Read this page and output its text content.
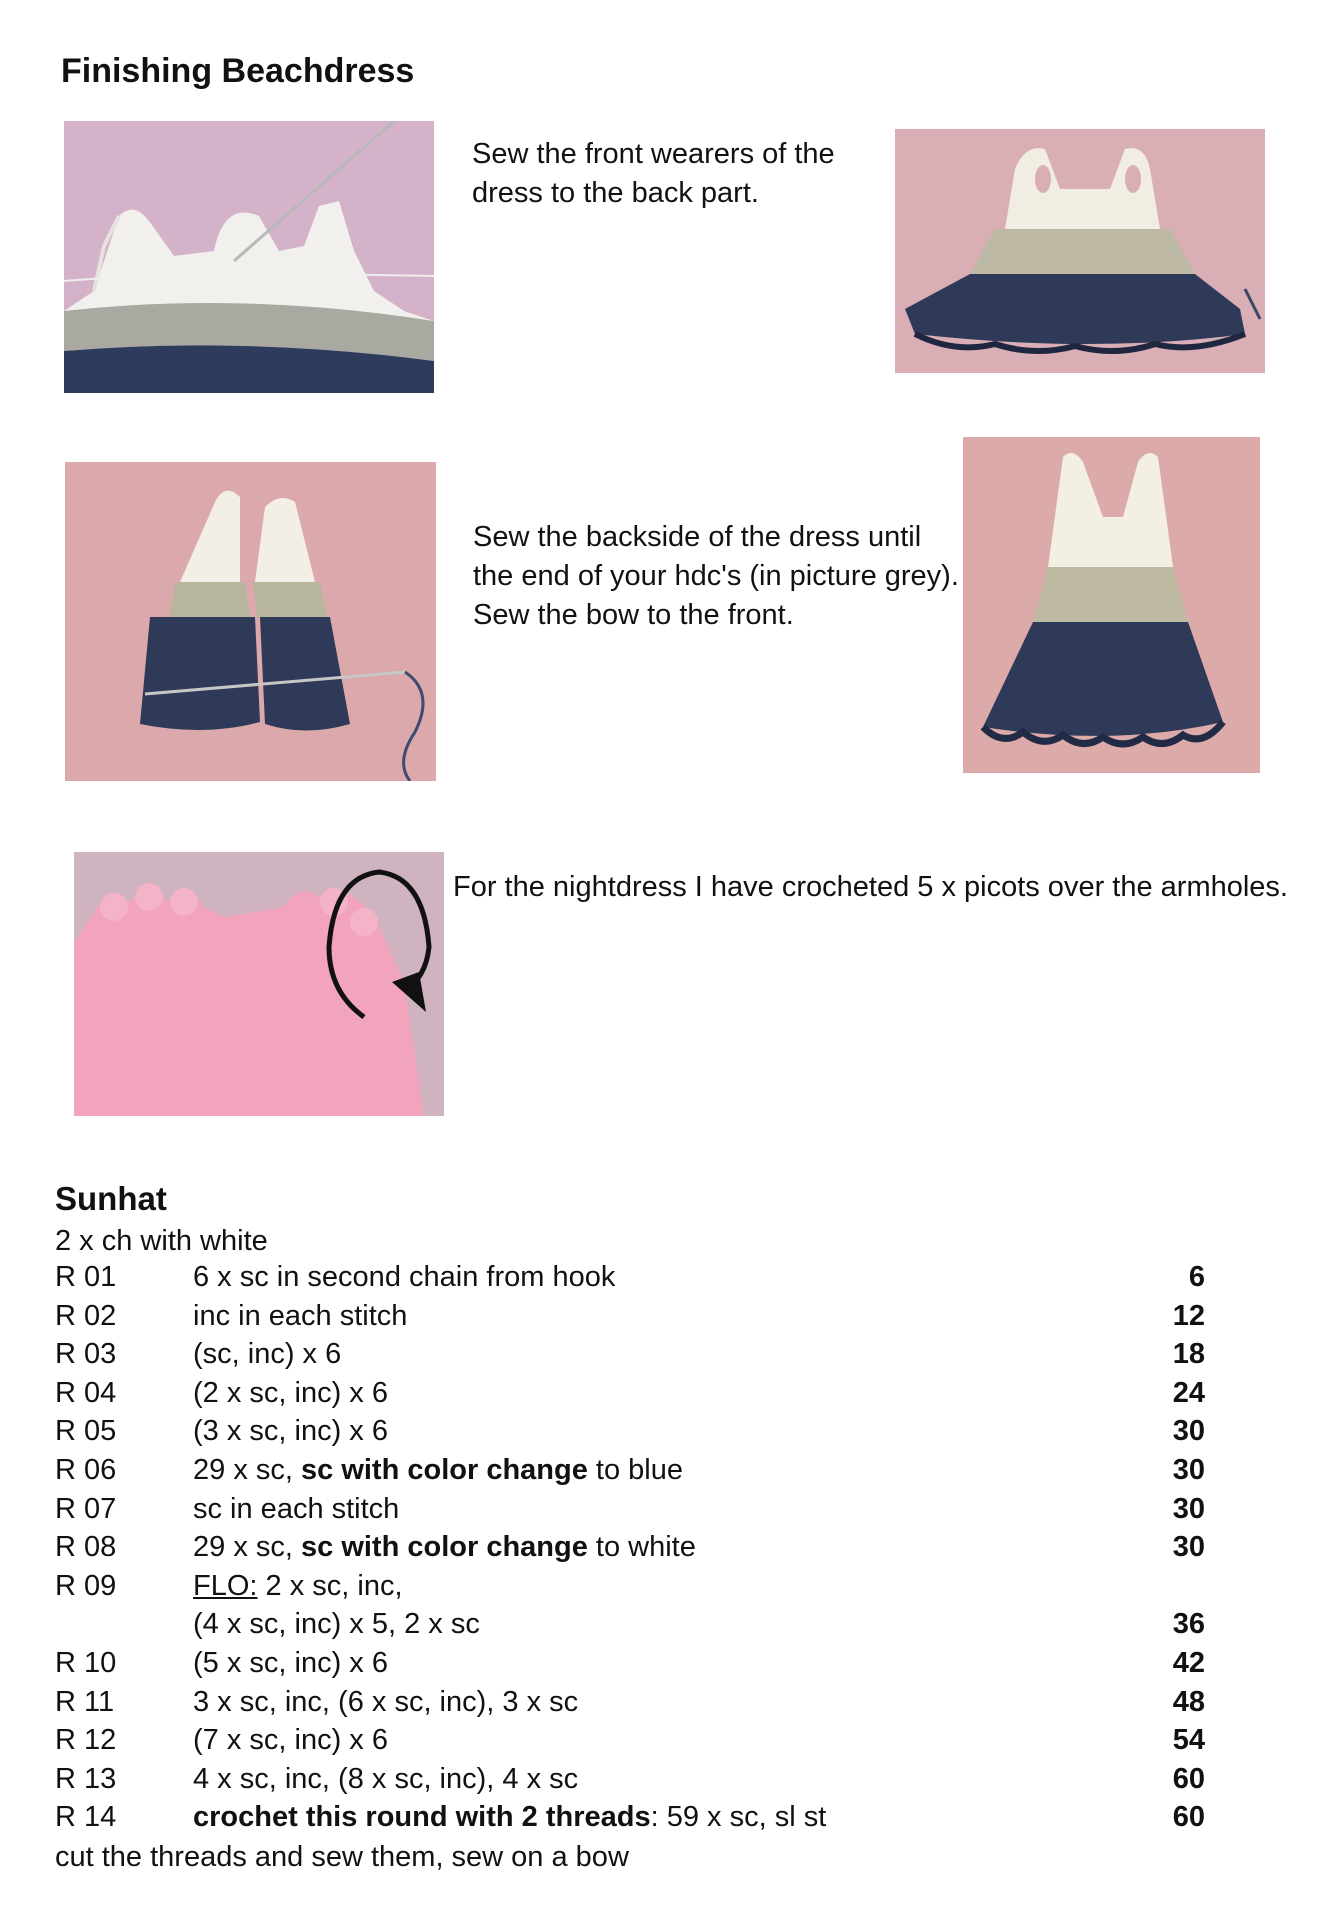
Finishing Beachdress
Sew the front wearers of the
dress to the back part.
Sew the backside of the dress until
the end of your hdc's (in picture grey).
Sew the bow to the front.
For the nightdress I have crocheted 5 x picots over the armholes.
Sunhat
2 x ch with white
R 01	6 x sc in second chain from hook	6
R 02	inc in each stitch	12
R 03	(sc, inc) x 6	18
R 04	(2 x sc, inc) x 6	24
R 05	(3 x sc, inc) x 6	30
R 06	29 x sc, sc with color change to blue	30
R 07	sc in each stitch	30
R 08	29 x sc, sc with color change to white	30
R 09	FLO: 2 x sc, inc,
(4 x sc, inc) x 5, 2 x sc	36
R 10	(5 x sc, inc) x 6	42
R 11	3 x sc, inc, (6 x sc, inc), 3 x sc	48
R 12	(7 x sc, inc) x 6	54
R 13	4 x sc, inc, (8 x sc, inc), 4 x sc	60
R 14	crochet this round with 2 threads: 59 x sc, sl st	60
cut the threads and sew them, sew on a bow
